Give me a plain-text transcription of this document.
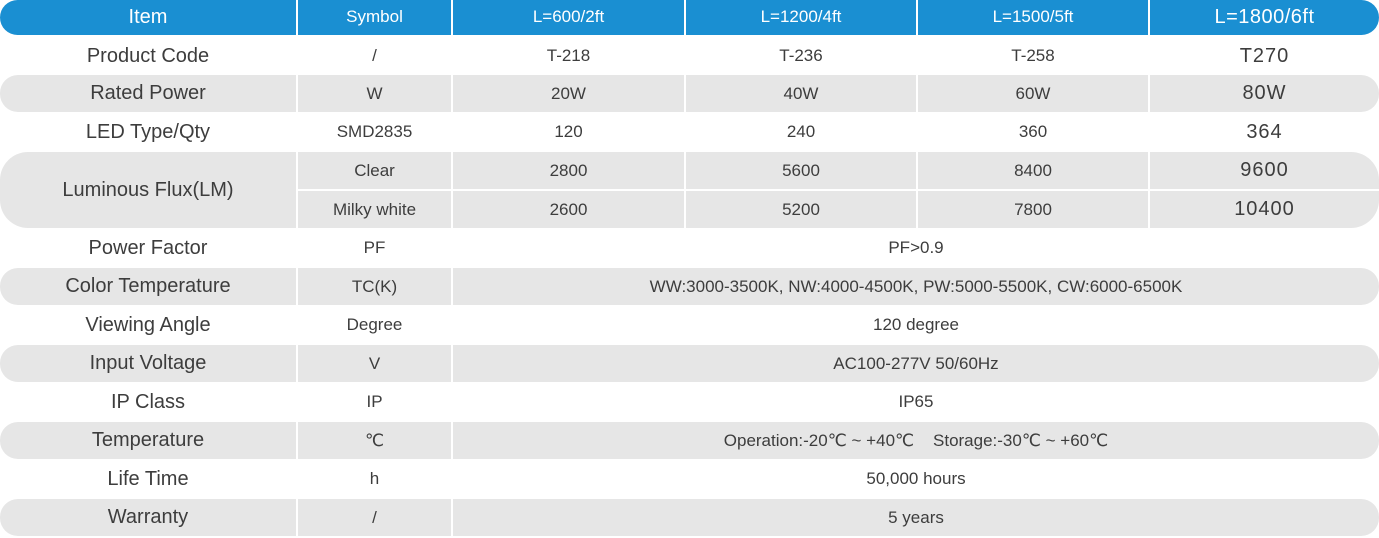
Item	Symbol	L=600/2ft	L=1200/4ft	L=1500/5ft	L=1800/6ft
Product Code	/	T-218	T-236	T-258	T270
Rated Power	W	20W	40W	60W	80W
LED Type/Qty	SMD2835	120	240	360	364
Luminous Flux(LM)
Clear	2800	5600	8400	9600
Milky white	2600	5200	7800	10400
Power Factor	PF	PF>0.9
Color Temperature	TC(K)	WW:3000-3500K, NW:4000-4500K, PW:5000-5500K, CW:6000-6500K
Viewing Angle	Degree	120 degree
Input Voltage	V	AC100-277V 50/60Hz
IP Class	IP	IP65
Temperature	℃	Operation:-20℃ ~ +40℃    Storage:-30℃ ~ +60℃
Life Time	h	50,000 hours
Warranty	/	5 years
